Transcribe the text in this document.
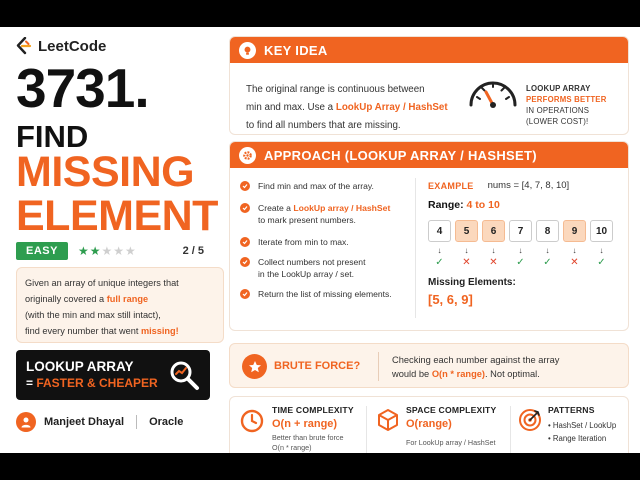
LeetCode
3731.
FIND
MISSING
ELEMENT
EASY	★★★★★	2 / 5
Given an array of unique integers that
originally covered a full range
(with the min and max still intact),
find every number that went missing!
LOOKUP ARRAY
= FASTER & CHEAPER
Manjeet Dhayal Oracle
KEY IDEA
The original range is continuous between
min and max. Use a LookUp Array / HashSet
to find all numbers that are missing.
LOOKUP ARRAY
PERFORMS BETTER
IN OPERATIONS
(LOWER COST)!
APPROACH (LOOKUP ARRAY / HASHSET)
Find min and max of the array.
Create a LookUp array / HashSet
to mark present numbers.
Iterate from min to max.
Collect numbers not present
in the LookUp array / set.
Return the list of missing elements.
EXAMPLE nums = [4, 7, 8, 10]
Range: 4 to 10
4	5	6	7	8	9	10
↓	↓	↓	↓	↓	↓	↓
✓	✕	✕	✓	✓	✕	✓
Missing Elements:
[5, 6, 9]
BRUTE FORCE?	Checking each number against the array
would be O(n * range). Not optimal.
TIME COMPLEXITY
O(n + range)
Better than brute force
O(n * range)
SPACE COMPLEXITY
O(range)
For LookUp array / HashSet
PATTERNS
• HashSet / LookUp
• Range Iteration
